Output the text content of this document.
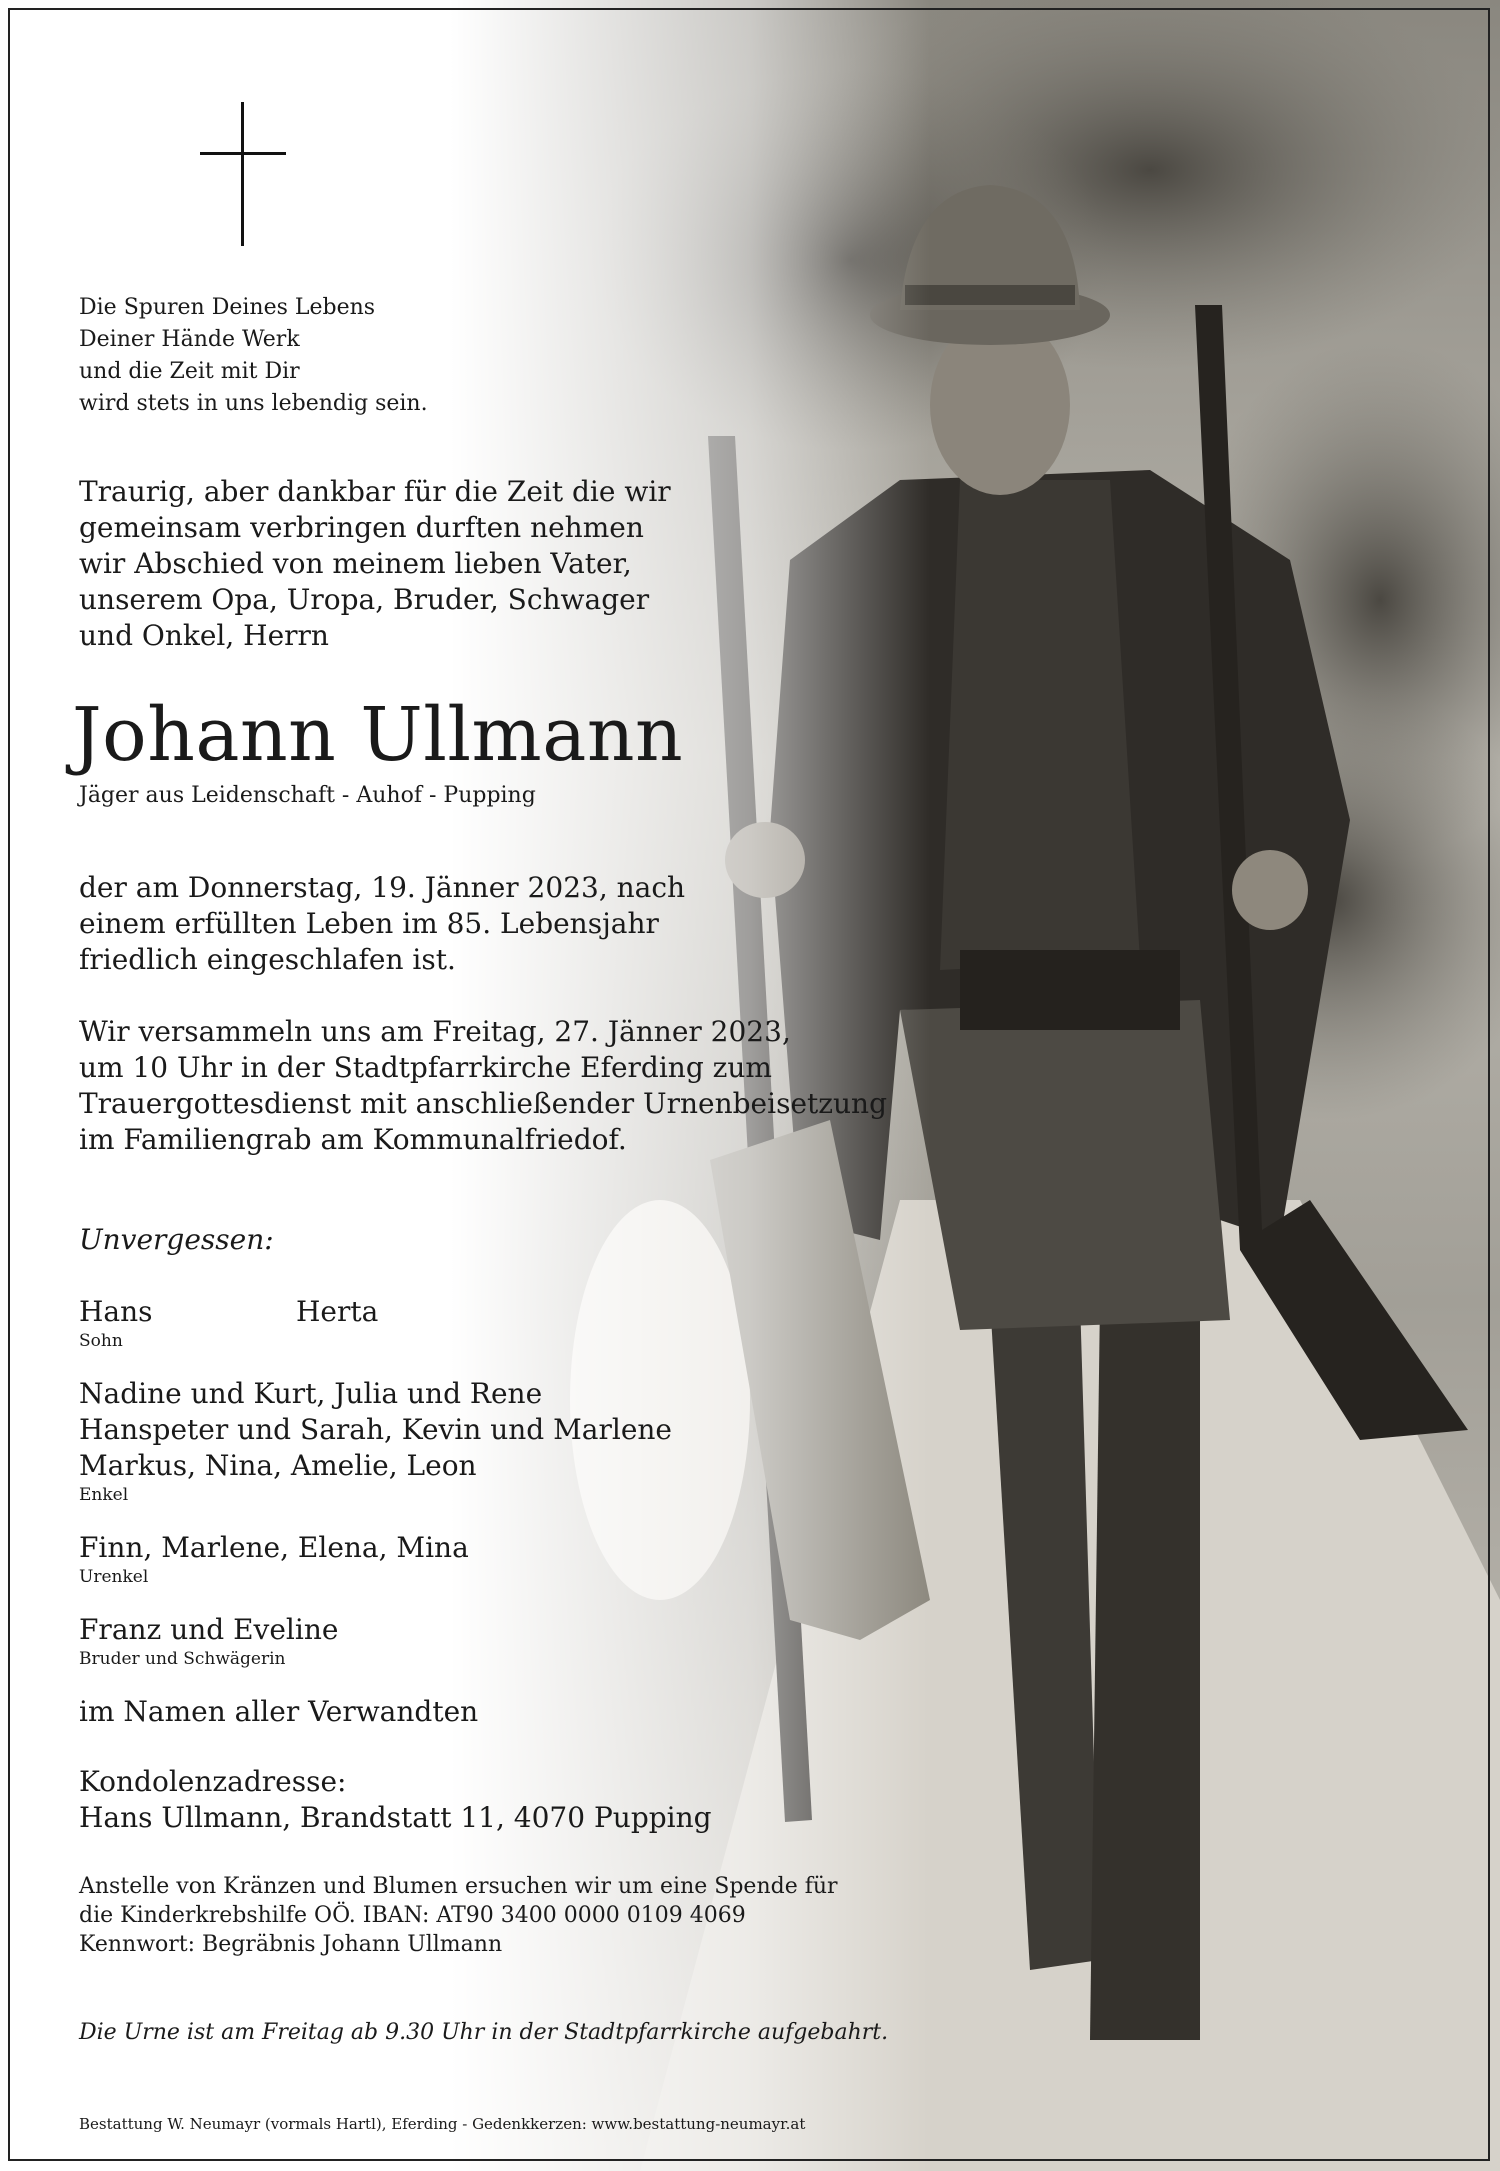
Die Spuren Deines Lebens
Deiner Hände Werk
und die Zeit mit Dir
wird stets in uns lebendig sein.

Traurig, aber dankbar für die Zeit die wir
gemeinsam verbringen durften nehmen
wir Abschied von meinem lieben Vater,
unserem Opa, Uropa, Bruder, Schwager
und Onkel, Herrn

Johann Ullmann

Jäger aus Leidenschaft - Auhof - Pupping

der am Donnerstag, 19. Jänner 2023, nach
einem erfüllten Leben im 85. Lebensjahr
friedlich eingeschlafen ist.

Wir versammeln uns am Freitag, 27. Jänner 2023,
um 10 Uhr in der Stadtpfarrkirche Eferding zum
Trauergottesdienst mit anschließender Urnenbeisetzung
im Familiengrab am Kommunalfriedof.

Unvergessen:

Hans	Herta

Sohn

Nadine und Kurt, Julia und Rene
Hanspeter und Sarah, Kevin und Marlene
Markus, Nina, Amelie, Leon

Enkel

Finn, Marlene, Elena, Mina

Urenkel

Franz und Eveline

Bruder und Schwägerin

im Namen aller Verwandten

Kondolenzadresse:
Hans Ullmann, Brandstatt 11, 4070 Pupping

Anstelle von Kränzen und Blumen ersuchen wir um eine Spende für
die Kinderkrebshilfe OÖ. IBAN: AT90 3400 0000 0109 4069
Kennwort: Begräbnis Johann Ullmann

Die Urne ist am Freitag ab 9.30 Uhr in der Stadtpfarrkirche aufgebahrt.

Bestattung W. Neumayr (vormals Hartl), Eferding - Gedenkkerzen: www.bestattung-neumayr.at
